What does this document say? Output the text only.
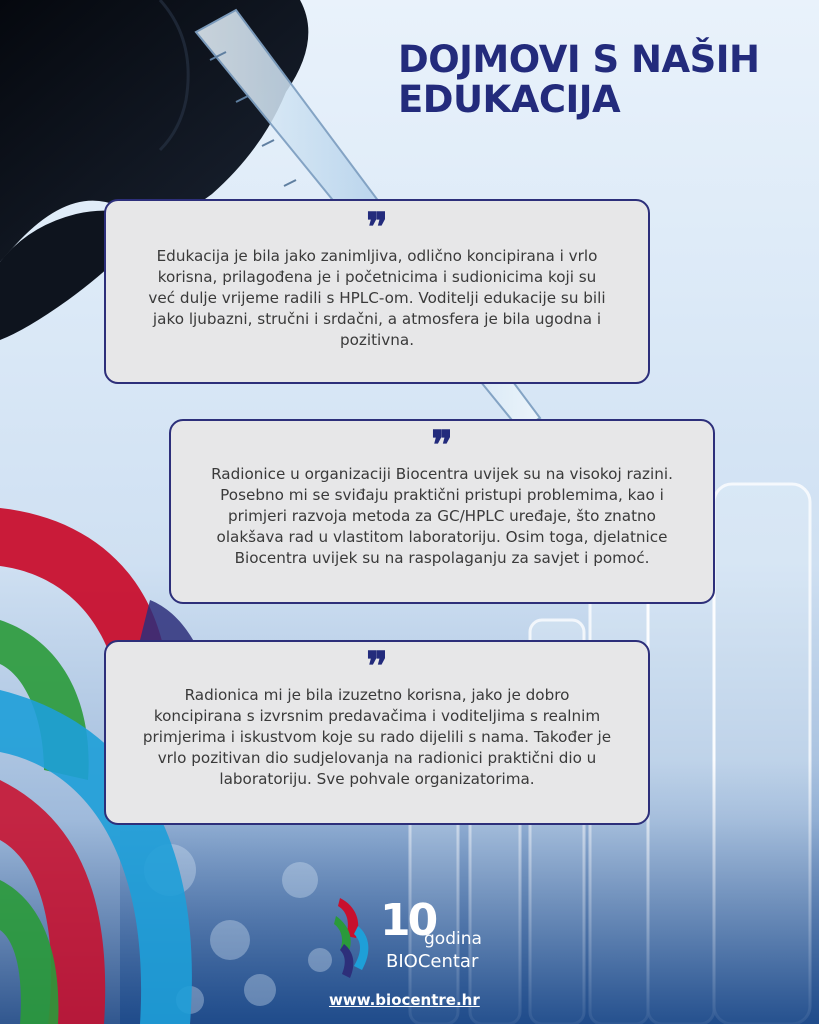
DOJMOVI S NAŠIH EDUKACIJA
❞

Edukacija je bila jako zanimljiva, odlično koncipirana i vrlo korisna, prilagođena je i početnicima i sudionicima koji su već dulje vrijeme radili s HPLC-om. Voditelji edukacije su bili jako ljubazni, stručni i srdačni, a atmosfera je bila ugodna i pozitivna.

❞

Radionice u organizaciji Biocentra uvijek su na visokoj razini. Posebno mi se sviđaju praktični pristupi problemima, kao i primjeri razvoja metoda za GC/HPLC uređaje, što znatno olakšava rad u vlastitom laboratoriju. Osim toga, djelatnice Biocentra uvijek su na raspolaganju za savjet i pomoć.

❞

Radionica mi je bila izuzetno korisna, jako je dobro koncipirana s izvrsnim predavačima i voditeljima s realnim primjerima i iskustvom koje su rado dijelili s nama. Također je vrlo pozitivan dio sudjelovanja na radionici praktični dio u laboratoriju. Sve pohvale organizatorima.

10
godina
BIOCentar
www.biocentre.hr
